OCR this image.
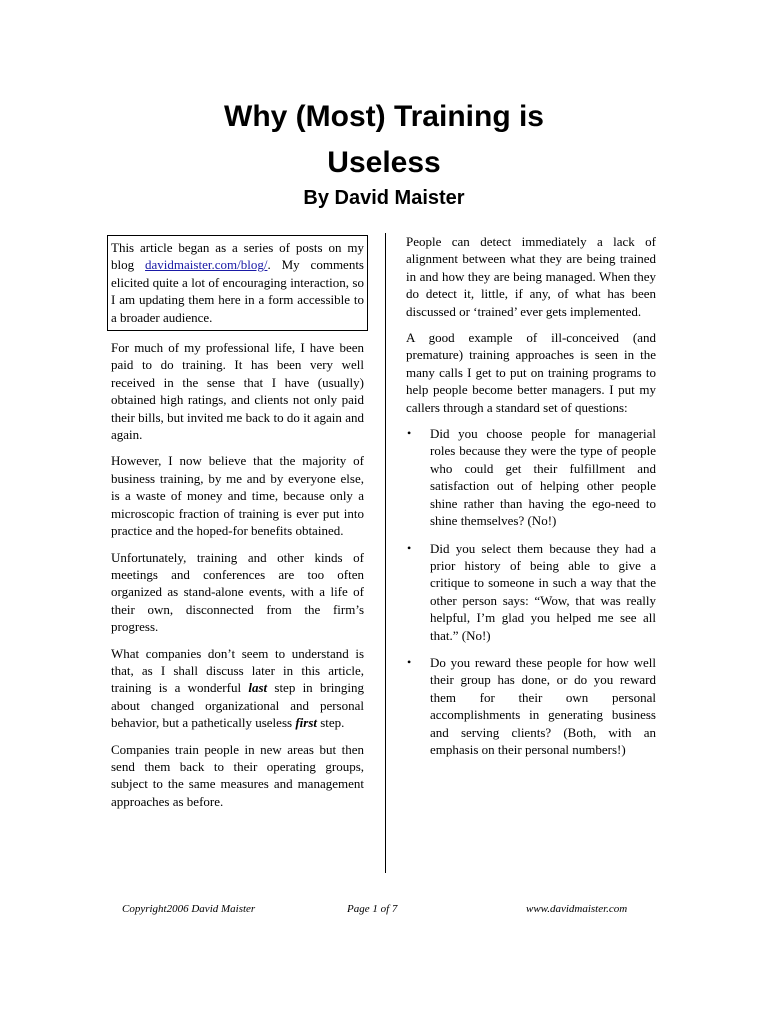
Why (Most) Training is
Useless
By David Maister
This article began as a series of posts on my blog davidmaister.com/blog/. My comments elicited quite a lot of encouraging interaction, so I am updating them here in a form accessible to a broader audience.

For much of my professional life, I have been paid to do training. It has been very well received in the sense that I have (usually) obtained high ratings, and clients not only paid their bills, but invited me back to do it again and again.

However, I now believe that the majority of business training, by me and by everyone else, is a waste of money and time, because only a microscopic fraction of training is ever put into practice and the hoped-for benefits obtained.

Unfortunately, training and other kinds of meetings and conferences are too often organized as stand-alone events, with a life of their own, disconnected from the firm’s progress.

What companies don’t seem to understand is that, as I shall discuss later in this article, training is a wonderful last step in bringing about changed organizational and personal behavior, but a pathetically useless first step.

Companies train people in new areas but then send them back to their operating groups, subject to the same measures and management approaches as before.

People can detect immediately a lack of alignment between what they are being trained in and how they are being managed. When they do detect it, little, if any, of what has been discussed or ‘trained’ ever gets implemented.

A good example of ill-conceived (and premature) training approaches is seen in the many calls I get to put on training programs to help people become better managers. I put my callers through a standard set of questions:

• Did you choose people for managerial roles because they were the type of people who could get their fulfillment and satisfaction out of helping other people shine rather than having the ego-need to shine themselves? (No!)
• Did you select them because they had a prior history of being able to give a critique to someone in such a way that the other person says: “Wow, that was really helpful, I’m glad you helped me see all that.” (No!)
• Do you reward these people for how well their group has done, or do you reward them for their own personal accomplishments in generating business and serving clients? (Both, with an emphasis on their personal numbers!)
Copyright2006 David Maister	Page 1 of 7	www.davidmaister.com
